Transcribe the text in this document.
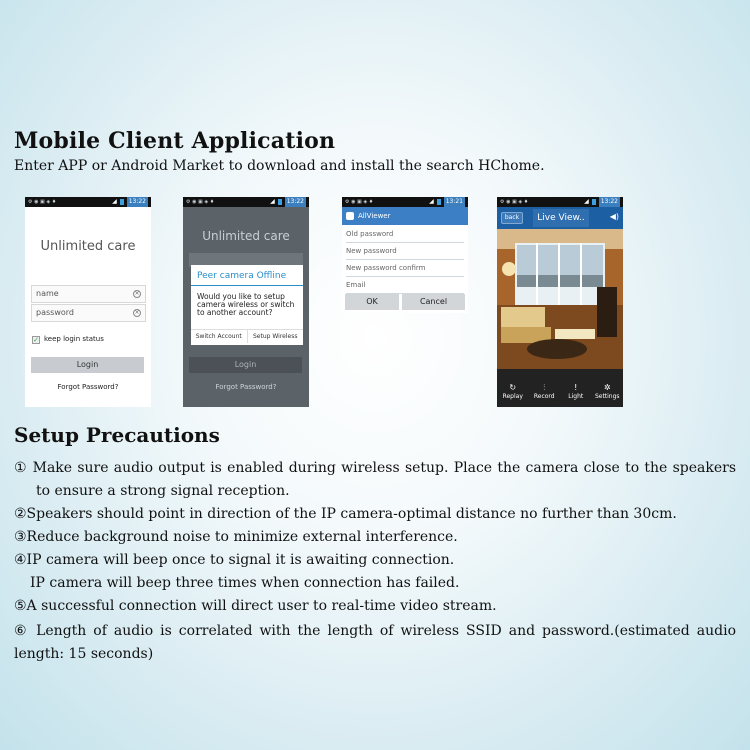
Mobile Client Application
Enter APP or Android Market to download and install the search HChome.
⚙ ◉ ▣ ◈ ♦	◢	13:22
Unlimited care
name	×
password	×
✓ keep login status
Login
Forgot Password?
⚙ ◉ ▣ ◈ ♦	◢	13:22
Unlimited care
Peer camera Offline
Would you like to setup camera wireless or switch to another account?
Switch Account	Setup Wireless
Login
Forgot Password?
⚙ ◉ ▣ ◈ ♦	◢	13:21
AllViewer
Old password
New password
New password confirm
Email
OK	Cancel
⚙ ◉ ▣ ◈ ♦	◢	13:22
back	Live View..	◀)
↻
Replay
⫶
Record
!
Light
✲
Settings
Setup Precautions
① Make sure audio output is enabled during wireless setup. Place the camera close to the speakers to ensure a strong signal reception.
②Speakers should point in direction of the IP camera-optimal distance no further than 30cm.
③Reduce background noise to minimize external interference.
④IP camera will beep once to signal it is awaiting connection.
IP camera will beep three times when connection has failed.
⑤A successful connection will direct user to real-time video stream.
⑥ Length of audio is correlated with the length of wireless SSID and password.(estimated audio length: 15 seconds)
